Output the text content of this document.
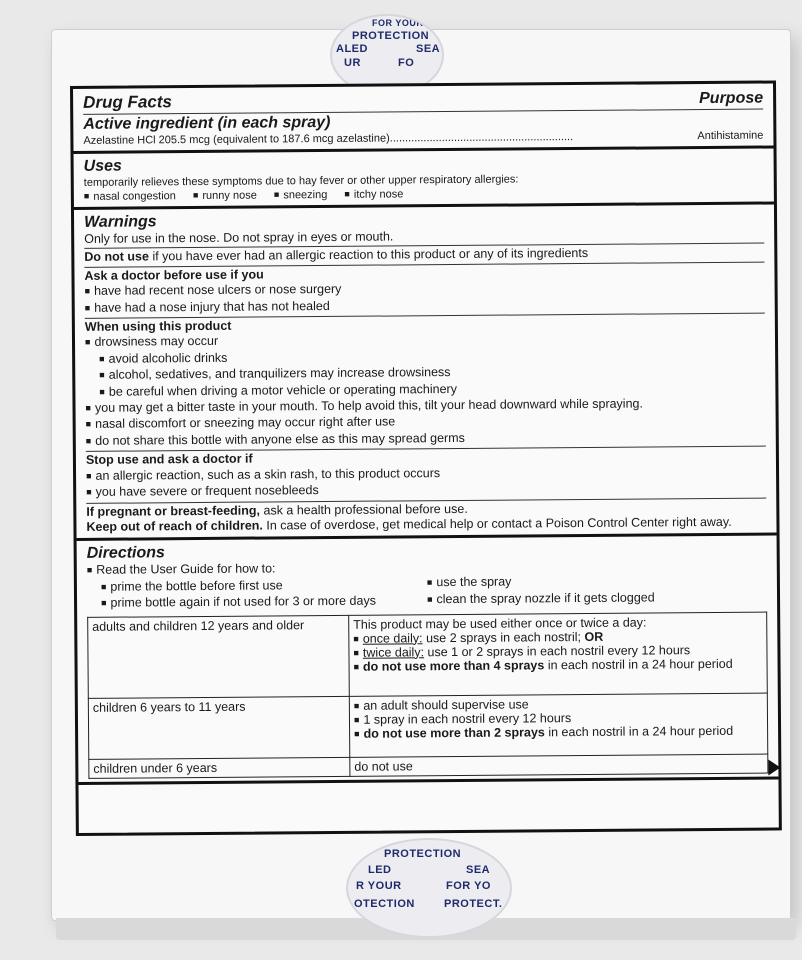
FOR YOUR
PROTECTION
ALED	SEA
UR	FO
Drug Facts	Purpose
Active ingredient (in each spray)
Azelastine HCl 205.5 mcg (equivalent to 187.6 mcg azelastine)............................................................	Antihistamine
Uses
temporarily relieves these symptoms due to hay fever or other upper respiratory allergies:
■ nasal congestion ■ runny nose ■ sneezing ■ itchy nose
Warnings
Only for use in the nose. Do not spray in eyes or mouth.
Do not use if you have ever had an allergic reaction to this product or any of its ingredients
Ask a doctor before use if you
■ have had recent nose ulcers or nose surgery
■ have had a nose injury that has not healed
When using this product
■ drowsiness may occur
■ avoid alcoholic drinks
■ alcohol, sedatives, and tranquilizers may increase drowsiness
■ be careful when driving a motor vehicle or operating machinery
■ you may get a bitter taste in your mouth. To help avoid this, tilt your head downward while spraying.
■ nasal discomfort or sneezing may occur right after use
■ do not share this bottle with anyone else as this may spread germs
Stop use and ask a doctor if
■ an allergic reaction, such as a skin rash, to this product occurs
■ you have severe or frequent nosebleeds
If pregnant or breast-feeding, ask a health professional before use.
Keep out of reach of children. In case of overdose, get medical help or contact a Poison Control Center right away.
Directions
■ Read the User Guide for how to:
■ prime the bottle before first use
■ prime bottle again if not used for 3 or more days
■ use the spray
■ clean the spray nozzle if it gets clogged
adults and children 12 years and older	This product may be used either once or twice a day:
■ once daily: use 2 sprays in each nostril; OR
■ twice daily: use 1 or 2 sprays in each nostril every 12 hours
■ do not use more than 4 sprays in each nostril in a 24 hour period

children 6 years to 11 years	■ an adult should supervise use
■ 1 spray in each nostril every 12 hours
■ do not use more than 2 sprays in each nostril in a 24 hour period

children under 6 years	do not use
PROTECTION
LED	SEA
R YOUR	FOR YO
OTECTION	PROTECT.
